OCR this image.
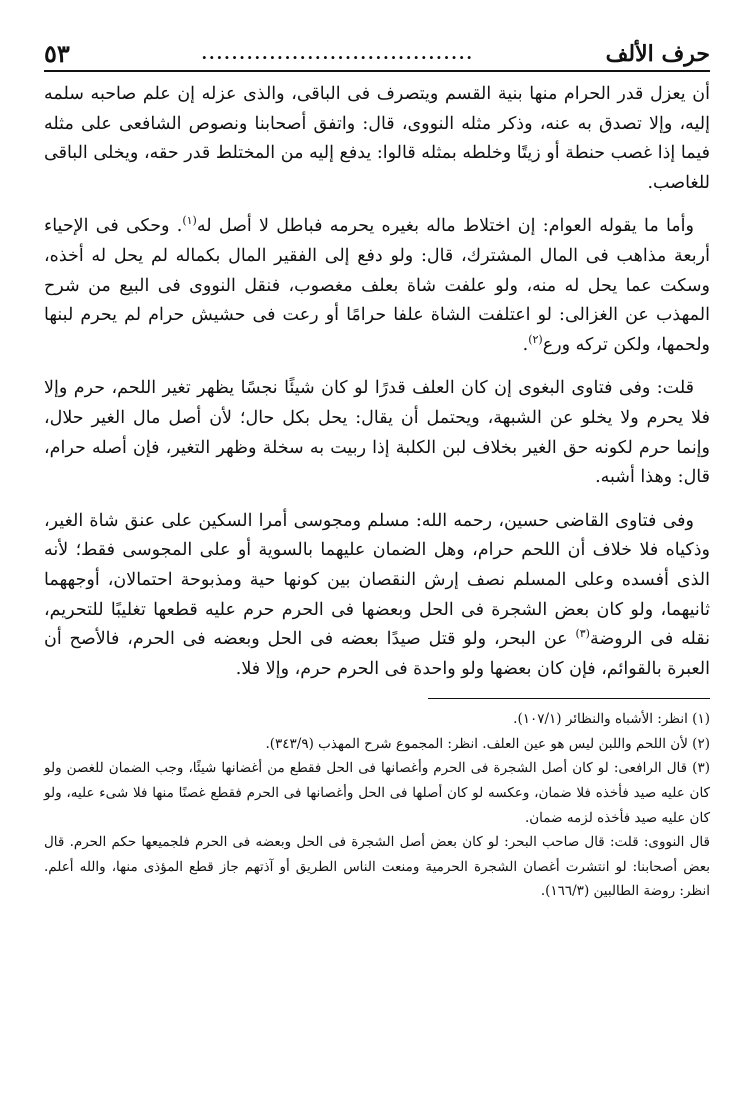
حرف الألف
....................................
٥٣

أن يعزل قدر الحرام منها بنية القسم ويتصرف فى الباقى، والذى عزله إن علم صاحبه سلمه إليه، وإلا تصدق به عنه، وذكر مثله النووى، قال: واتفق أصحابنا ونصوص الشافعى على مثله فيما إذا غصب حنطة أو زيتًا وخلطه بمثله قالوا: يدفع إليه من المختلط قدر حقه، ويخلى الباقى للغاصب.

وأما ما يقوله العوام: إن اختلاط ماله بغيره يحرمه فباطل لا أصل له$^{(١)}$. وحكى فى الإحياء أربعة مذاهب فى المال المشترك، قال: ولو دفع إلى الفقير المال بكماله لم يحل له أخذه، وسكت عما يحل له منه، ولو علفت شاة بعلف مغصوب، فنقل النووى فى البيع من شرح المهذب عن الغزالى: لو اعتلفت الشاة علفا حرامًا أو رعت فى حشيش حرام لم يحرم لبنها ولحمها، ولكن تركه ورع$^{(٢)}$.

قلت: وفى فتاوى البغوى إن كان العلف قدرًا لو كان شيئًا نجسًا يظهر تغير اللحم، حرم وإلا فلا يحرم ولا يخلو عن الشبهة، ويحتمل أن يقال: يحل بكل حال؛ لأن أصل مال الغير حلال، وإنما حرم لكونه حق الغير بخلاف لبن الكلبة إذا ربيت به سخلة وظهر التغير، فإن أصله حرام، قال: وهذا أشبه.

وفى فتاوى القاضى حسين، رحمه الله: مسلم ومجوسى أمرا السكين على عنق شاة الغير، وذكياه فلا خلاف أن اللحم حرام، وهل الضمان عليهما بالسوية أو على المجوسى فقط؛ لأنه الذى أفسده وعلى المسلم نصف إرش النقصان بين كونها حية ومذبوحة احتمالان، أوجههما ثانيهما، ولو كان بعض الشجرة فى الحل وبعضها فى الحرم حرم عليه قطعها تغليبًا للتحريم، نقله فى الروضة$^{(٣)}$ عن البحر، ولو قتل صيدًا بعضه فى الحل وبعضه فى الحرم، فالأصح أن العبرة بالقوائم، فإن كان بعضها ولو واحدة فى الحرم حرم، وإلا فلا.

(١) انظر: الأشباه والنظائر (١٠٧/١).

(٢) لأن اللحم واللبن ليس هو عين العلف. انظر: المجموع شرح المهذب (٣٤٣/٩).

(٣) قال الرافعى: لو كان أصل الشجرة فى الحرم وأغصانها فى الحل فقطع من أغضانها شيئًا، وجب الضمان للغصن ولو كان عليه صيد فأخذه فلا ضمان، وعكسه لو كان أصلها فى الحل وأغصانها فى الحرم فقطع غصنًا منها فلا شىء عليه، ولو كان عليه صيد فأخذه لزمه ضمان.

قال النووى: قلت: قال صاحب البحر: لو كان بعض أصل الشجرة فى الحل وبعضه فى الحرم فلجميعها حكم الحرم. قال بعض أصحابنا: لو انتشرت أغصان الشجرة الحرمية ومنعت الناس الطريق أو آذتهم جاز قطع المؤذى منها، والله أعلم. انظر: روضة الطالبين (١٦٦/٣).
